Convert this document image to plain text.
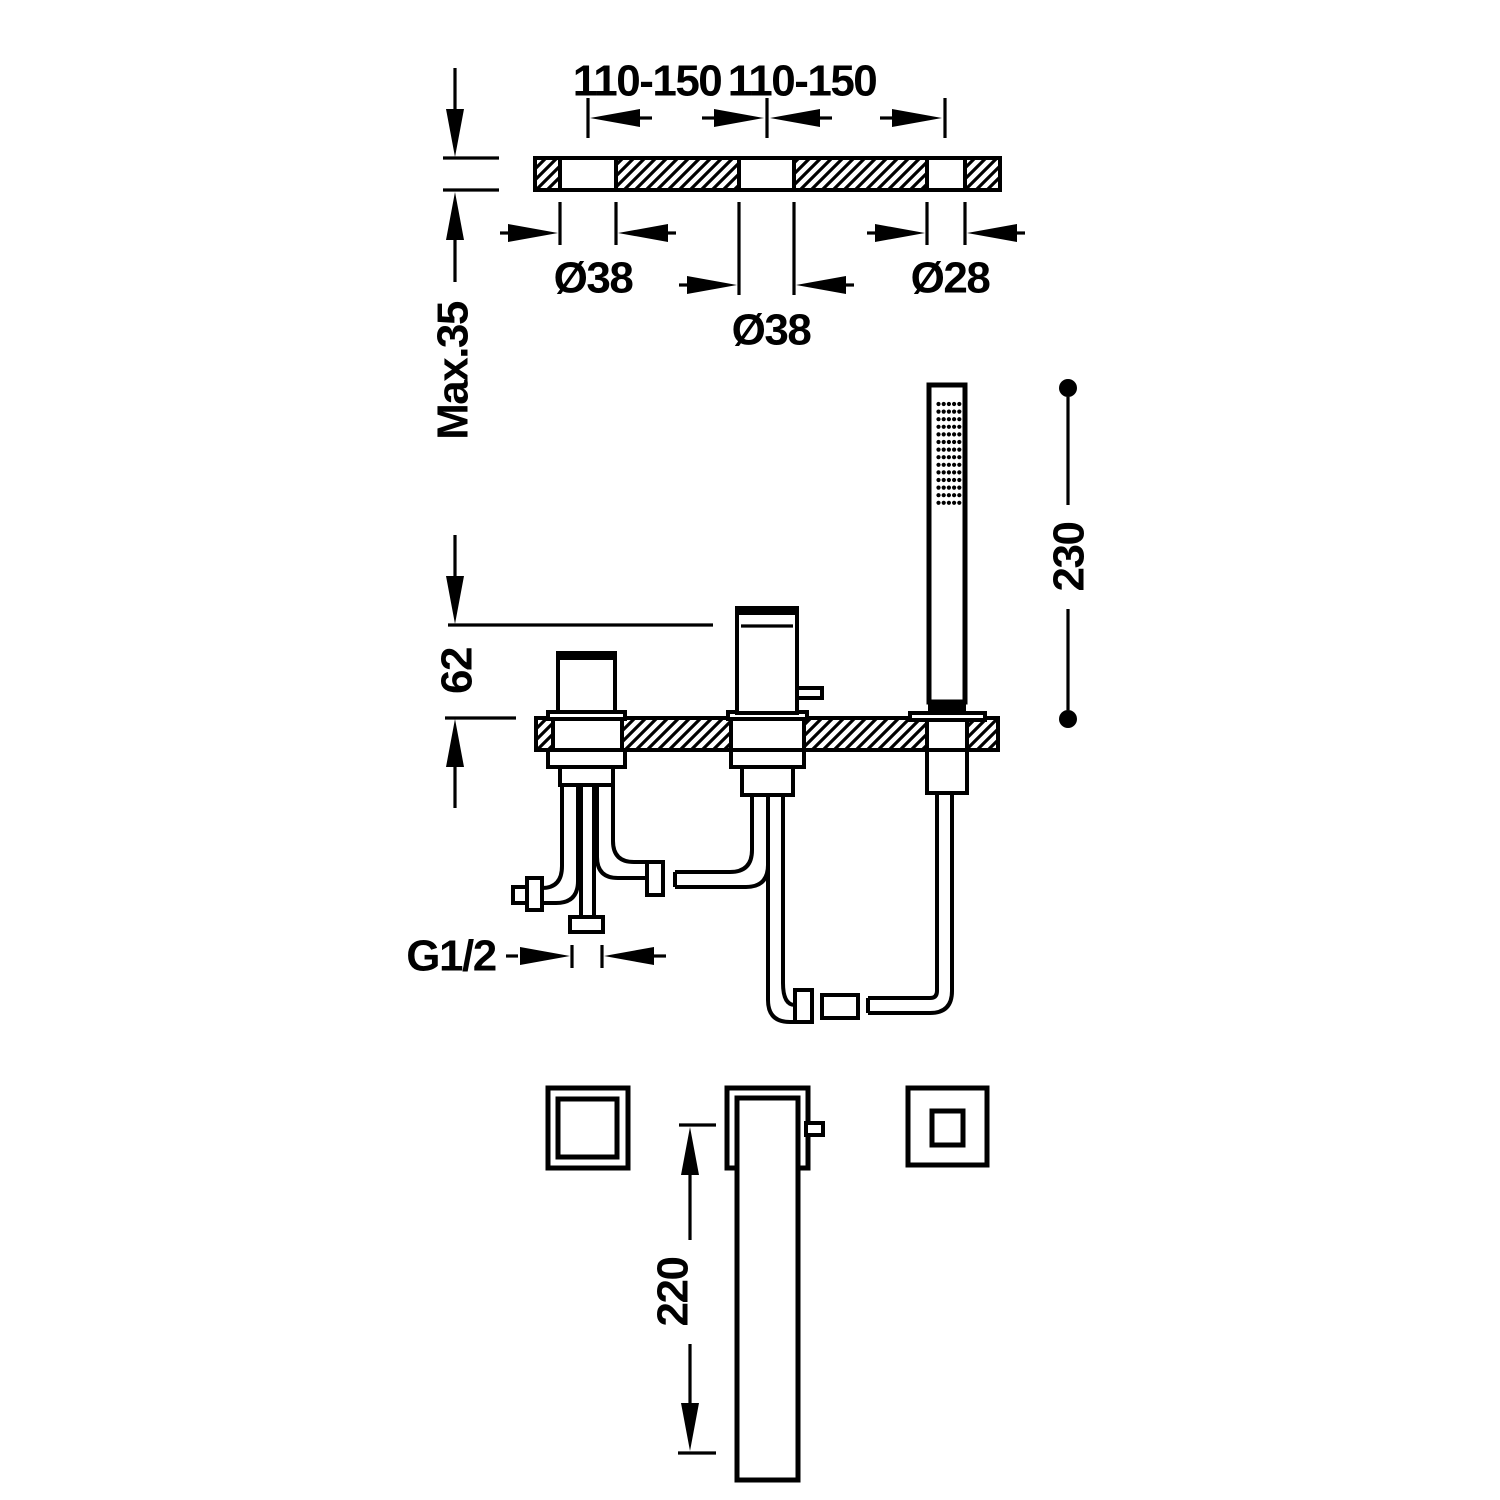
110-150 110-150
Ø38
Ø38
Ø28
Max.35
62
230
G1/2
220
